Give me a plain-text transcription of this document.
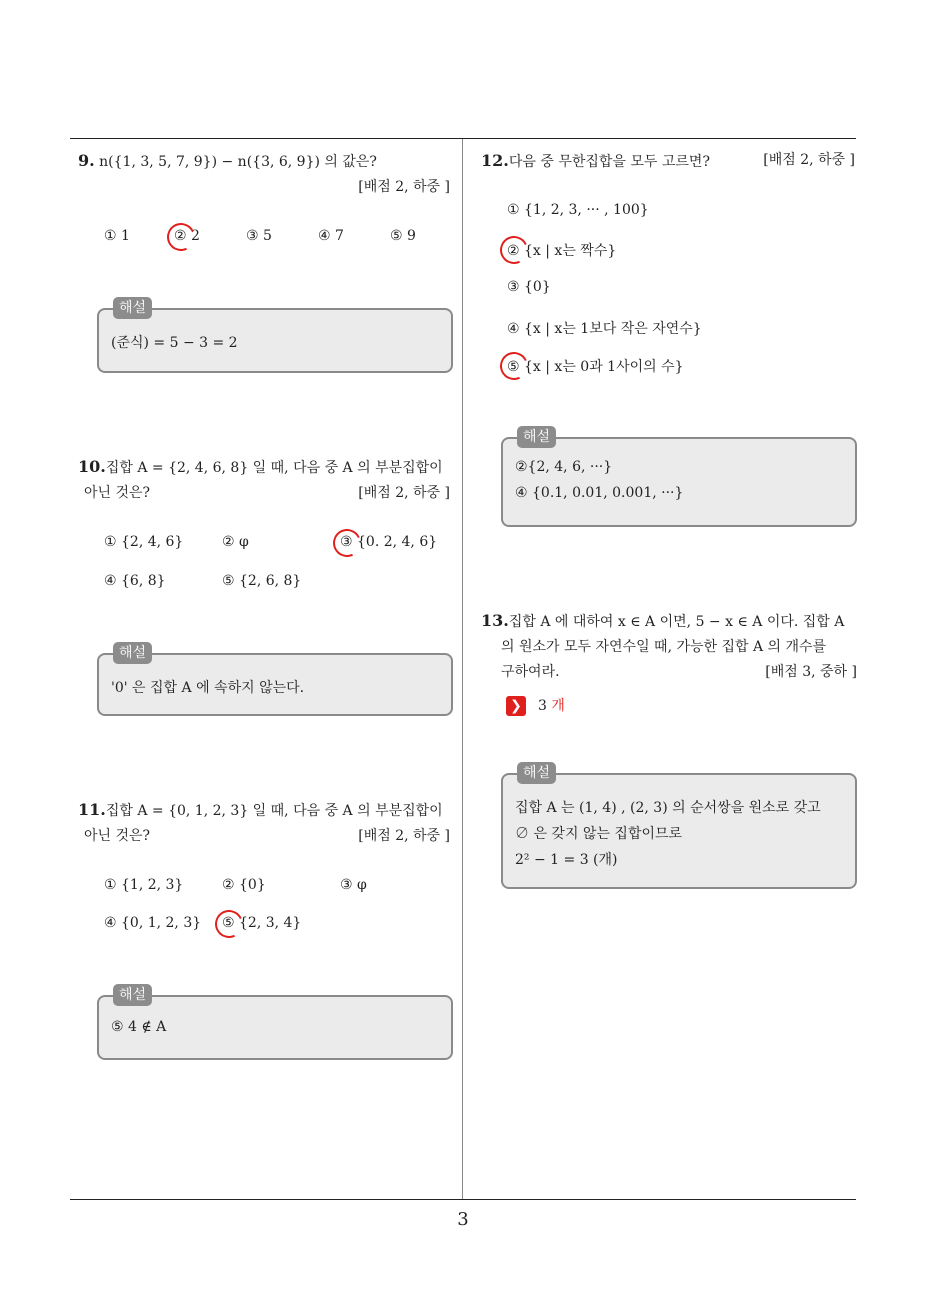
9. n({1, 3, 5, 7, 9}) − n({3, 6, 9}) 의 값은?
[배점 2, 하중 ]
① 1	② 2	③ 5	④ 7	⑤ 9
해설
(준식) = 5 − 3 = 2
10.집합 A = {2, 4, 6, 8} 일 때, 다음 중 A 의 부분집합이
아닌 것은?	[배점 2, 하중 ]
① {2, 4, 6}	② φ	③ {0. 2, 4, 6}
④ {6, 8}	⑤ {2, 6, 8}
해설
'0' 은 집합 A 에 속하지 않는다.
11.집합 A = {0, 1, 2, 3} 일 때, 다음 중 A 의 부분집합이
아닌 것은?	[배점 2, 하중 ]
① {1, 2, 3}	② {0}	③ φ
④ {0, 1, 2, 3} ⑤ {2, 3, 4}
해설
⑤ 4 ∉ A
12.다음 중 무한집합을 모두 고르면?	[배점 2, 하중 ]
① {1, 2, 3, ··· , 100}
② {x | x는 짝수}
③ {0}
④ {x | x는 1보다 작은 자연수}
⑤ {x | x는 0과 1사이의 수}
해설
②{2, 4, 6, ···}
④ {0.1, 0.01, 0.001, ···}
13.집합 A 에 대하여 x ∈ A 이면, 5 − x ∈ A 이다. 집합 A
의 원소가 모두 자연수일 때, 가능한 집합 A 의 개수를
구하여라.	[배점 3, 중하 ]
❯ 3 개
해설
집합 A 는 (1, 4) , (2, 3) 의 순서쌍을 원소로 갖고
∅ 은 갖지 않는 집합이므로
2² − 1 = 3 (개)
3
